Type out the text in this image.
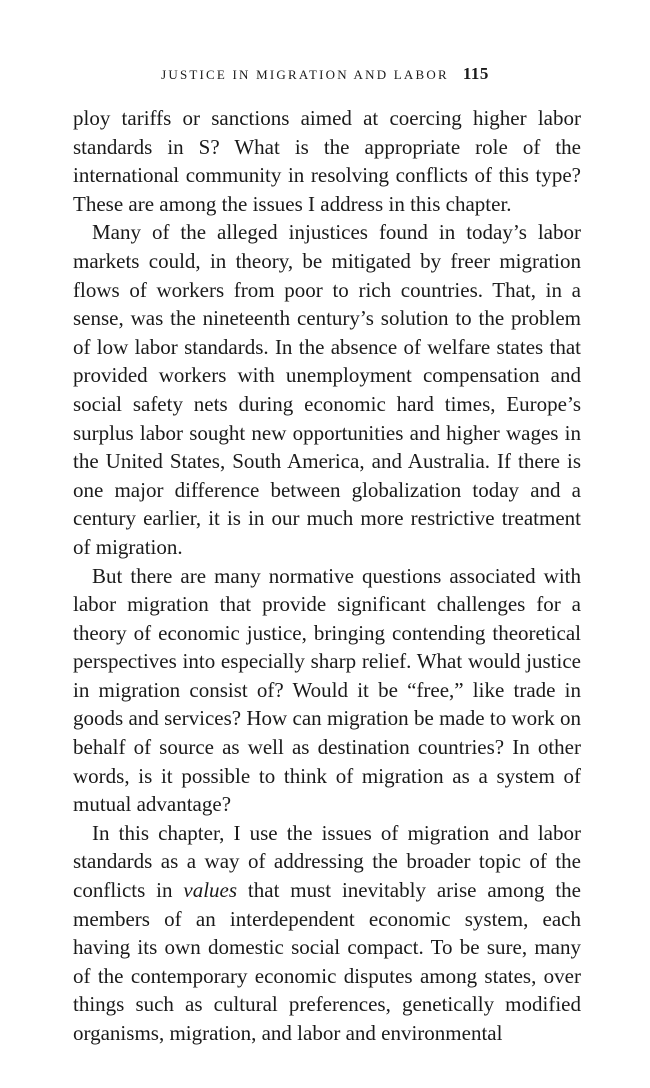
JUSTICE IN MIGRATION AND LABOR 115

ploy tariffs or sanctions aimed at coercing higher labor standards in S? What is the appropriate role of the international community in resolving conflicts of this type? These are among the issues I address in this chapter.

Many of the alleged injustices found in today’s labor markets could, in theory, be mitigated by freer migration flows of workers from poor to rich countries. That, in a sense, was the nineteenth century’s solution to the problem of low labor standards. In the absence of welfare states that provided workers with unemployment compensation and social safety nets during economic hard times, Europe’s surplus labor sought new opportunities and higher wages in the United States, South America, and Australia. If there is one major difference between globalization today and a century earlier, it is in our much more restrictive treatment of migration.

But there are many normative questions associated with labor migration that provide significant challenges for a theory of economic justice, bringing contending theoretical perspectives into especially sharp relief. What would justice in migration consist of? Would it be “free,” like trade in goods and services? How can migration be made to work on behalf of source as well as destination countries? In other words, is it possible to think of migration as a system of mutual advantage?

In this chapter, I use the issues of migration and labor standards as a way of addressing the broader topic of the conflicts in values that must inevitably arise among the members of an interdependent economic system, each having its own domestic social compact. To be sure, many of the contemporary economic disputes among states, over things such as cultural preferences, genetically modified organisms, migration, and labor and environmental
